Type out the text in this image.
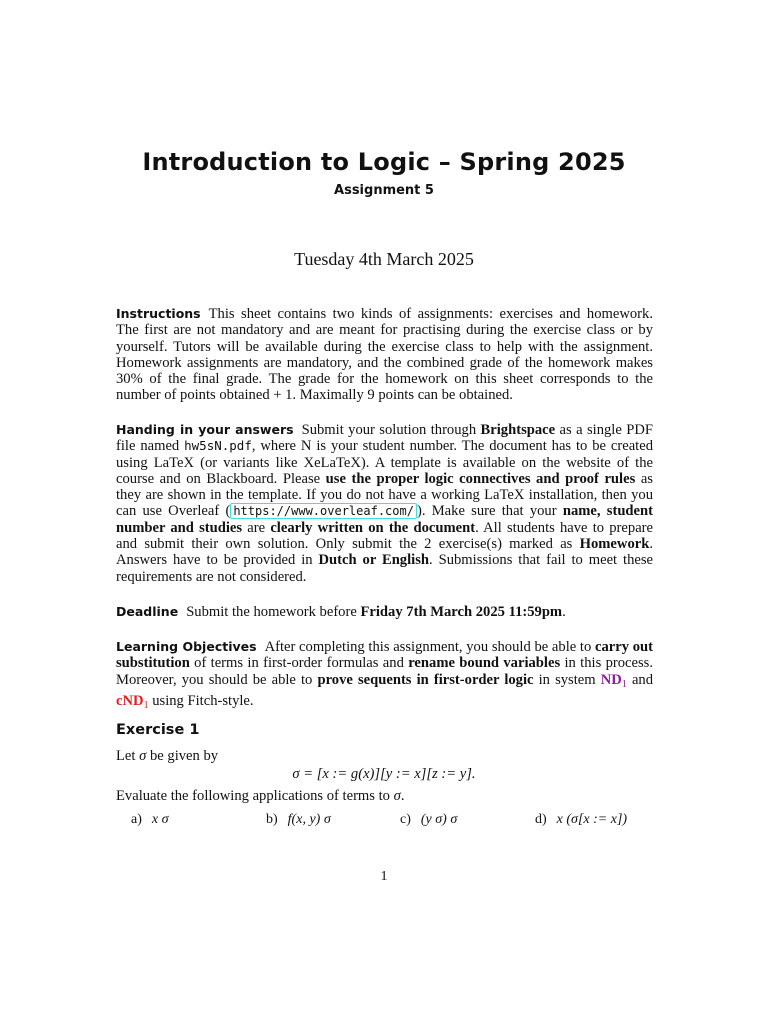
Introduction to Logic – Spring 2025
Assignment 5
Tuesday 4th March 2025
Instructions This sheet contains two kinds of assignments: exercises and homework. The first are not mandatory and are meant for practising during the exercise class or by yourself. Tutors will be available during the exercise class to help with the assignment. Homework assignments are mandatory, and the combined grade of the homework makes 30% of the final grade. The grade for the homework on this sheet corresponds to the number of points obtained + 1. Maximally 9 points can be obtained.
Handing in your answers Submit your solution through Brightspace as a single PDF file named hw5sN.pdf, where N is your student number. The document has to be created using LaTeX (or variants like XeLaTeX). A template is available on the website of the course and on Blackboard. Please use the proper logic connectives and proof rules as they are shown in the template. If you do not have a working LaTeX installation, then you can use Overleaf ( https://www.overleaf.com/ ). Make sure that your name, student number and studies are clearly written on the document. All students have to prepare and submit their own solution. Only submit the 2 exercise(s) marked as Homework. Answers have to be provided in Dutch or English. Submissions that fail to meet these requirements are not considered.
Deadline Submit the homework before Friday 7th March 2025 11:59pm.
Learning Objectives After completing this assignment, you should be able to carry out substitution of terms in first-order formulas and rename bound variables in this process. Moreover, you should be able to prove sequents in first-order logic in system $ND_1$ and cND$_1$ using Fitch-style.
Exercise 1
Let σ be given by
σ = [x := g(x)][y := x][z := y].
Evaluate the following applications of terms to σ.
a) x σ	b) f(x, y) σ	c) (y σ) σ	d) x (σ[x := x])
1
